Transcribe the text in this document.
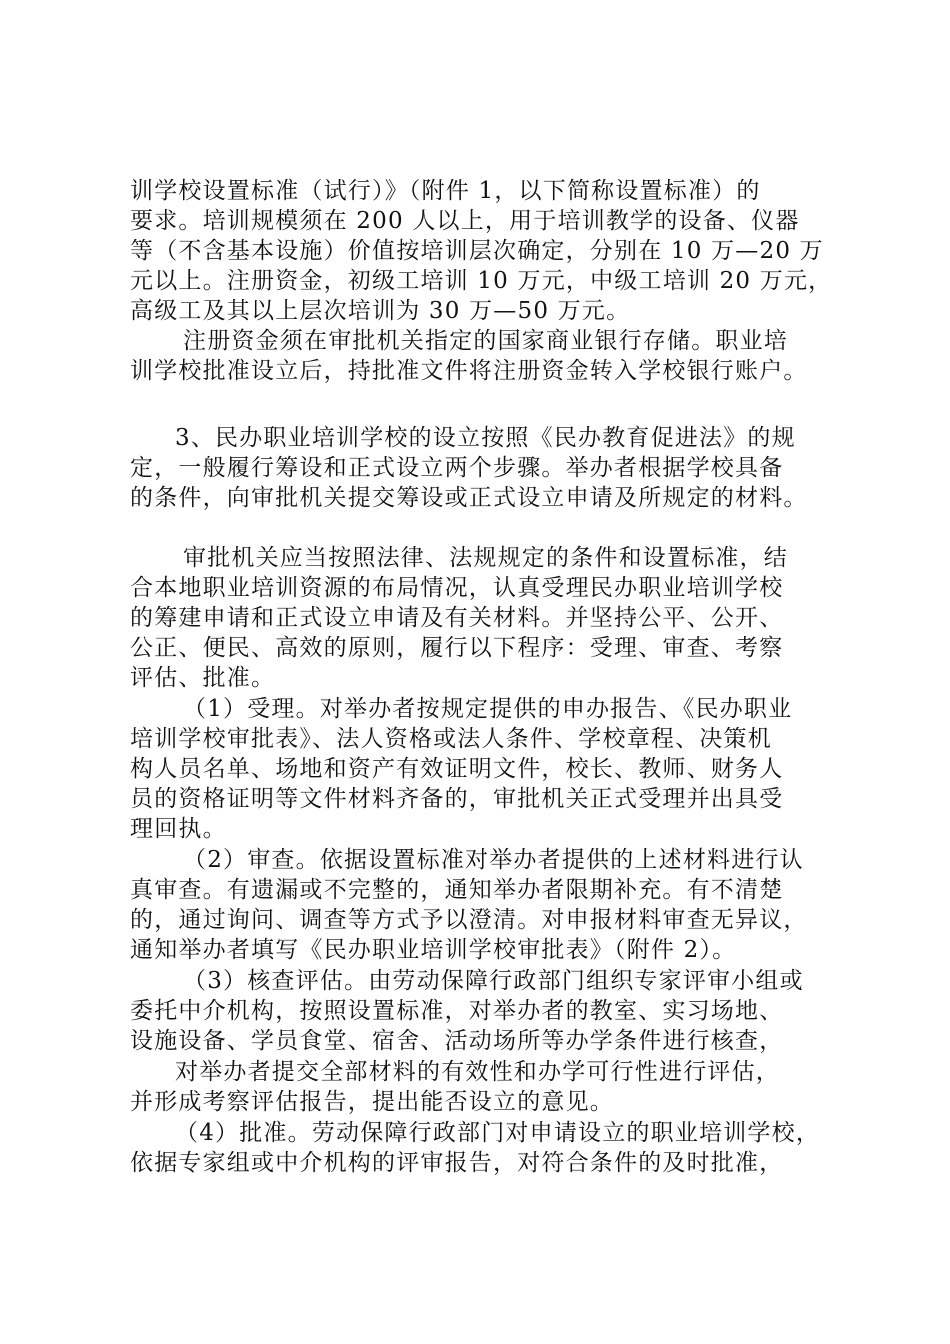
训学校设置标准（试行）》（附件 1，以下简称设置标准）的
要求。培训规模须在 200 人以上，用于培训教学的设备、仪器
等（不含基本设施）价值按培训层次确定，分别在 10 万—20 万
元以上。注册资金，初级工培训 10 万元，中级工培训 20 万元，
高级工及其以上层次培训为 30 万—50 万元。
注册资金须在审批机关指定的国家商业银行存储。职业培
训学校批准设立后，持批准文件将注册资金转入学校银行账户。
3、民办职业培训学校的设立按照《民办教育促进法》的规
定，一般履行筹设和正式设立两个步骤。举办者根据学校具备
的条件，向审批机关提交筹设或正式设立申请及所规定的材料。
审批机关应当按照法律、法规规定的条件和设置标准，结
合本地职业培训资源的布局情况，认真受理民办职业培训学校
的筹建申请和正式设立申请及有关材料。并坚持公平、公开、
公正、便民、高效的原则，履行以下程序：受理、审查、考察
评估、批准。
（1）受理。对举办者按规定提供的申办报告、《民办职业
培训学校审批表》、法人资格或法人条件、学校章程、决策机
构人员名单、场地和资产有效证明文件，校长、教师、财务人
员的资格证明等文件材料齐备的，审批机关正式受理并出具受
理回执。
（2）审查。依据设置标准对举办者提供的上述材料进行认
真审查。有遗漏或不完整的，通知举办者限期补充。有不清楚
的，通过询问、调查等方式予以澄清。对申报材料审查无异议，
通知举办者填写《民办职业培训学校审批表》（附件 2）。
（3）核查评估。由劳动保障行政部门组织专家评审小组或
委托中介机构，按照设置标准，对举办者的教室、实习场地、
设施设备、学员食堂、宿舍、活动场所等办学条件进行核查，
对举办者提交全部材料的有效性和办学可行性进行评估，
并形成考察评估报告，提出能否设立的意见。
（4）批准。劳动保障行政部门对申请设立的职业培训学校，
依据专家组或中介机构的评审报告，对符合条件的及时批准，
